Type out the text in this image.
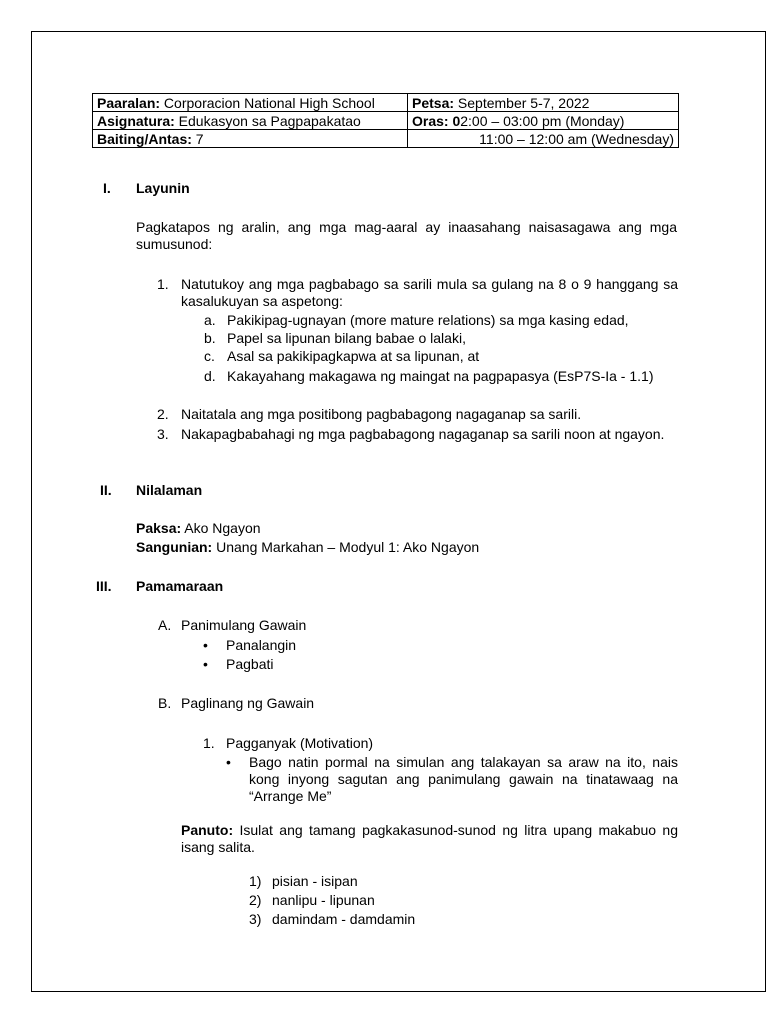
Paaralan: Corporacion National High School	Petsa: September 5-7, 2022
Asignatura: Edukasyon sa Pagpapakatao	Oras: 02:00 – 03:00 pm (Monday)
Baiting/Antas: 7	11:00 – 12:00 am (Wednesday)
I. Layunin
Pagkatapos ng aralin, ang mga mag-aaral ay inaasahang naisasagawa ang mga sumusunod:
1. Natutukoy ang mga pagbabago sa sarili mula sa gulang na 8 o 9 hanggang sa kasalukuyan sa aspetong:
a. Pakikipag-ugnayan (more mature relations) sa mga kasing edad,
b. Papel sa lipunan bilang babae o lalaki,
c. Asal sa pakikipagkapwa at sa lipunan, at
d. Kakayahang makagawa ng maingat na pagpapasya (EsP7S-Ia - 1.1)
2. Naitatala ang mga positibong pagbabagong nagaganap sa sarili.
3. Nakapagbabahagi ng mga pagbabagong nagaganap sa sarili noon at ngayon.
II. Nilalaman
Paksa: Ako Ngayon
Sangunian: Unang Markahan – Modyul 1: Ako Ngayon
III. Pamamaraan
A. Panimulang Gawain
• Panalangin
• Pagbati
B. Paglinang ng Gawain
1. Pagganyak (Motivation)
• Bago natin pormal na simulan ang talakayan sa araw na ito, nais kong inyong sagutan ang panimulang gawain na tinatawaag na “Arrange Me”
Panuto: Isulat ang tamang pagkakasunod-sunod ng litra upang makabuo ng isang salita.
1) pisian - isipan
2) nanlipu - lipunan
3) damindam - damdamin
